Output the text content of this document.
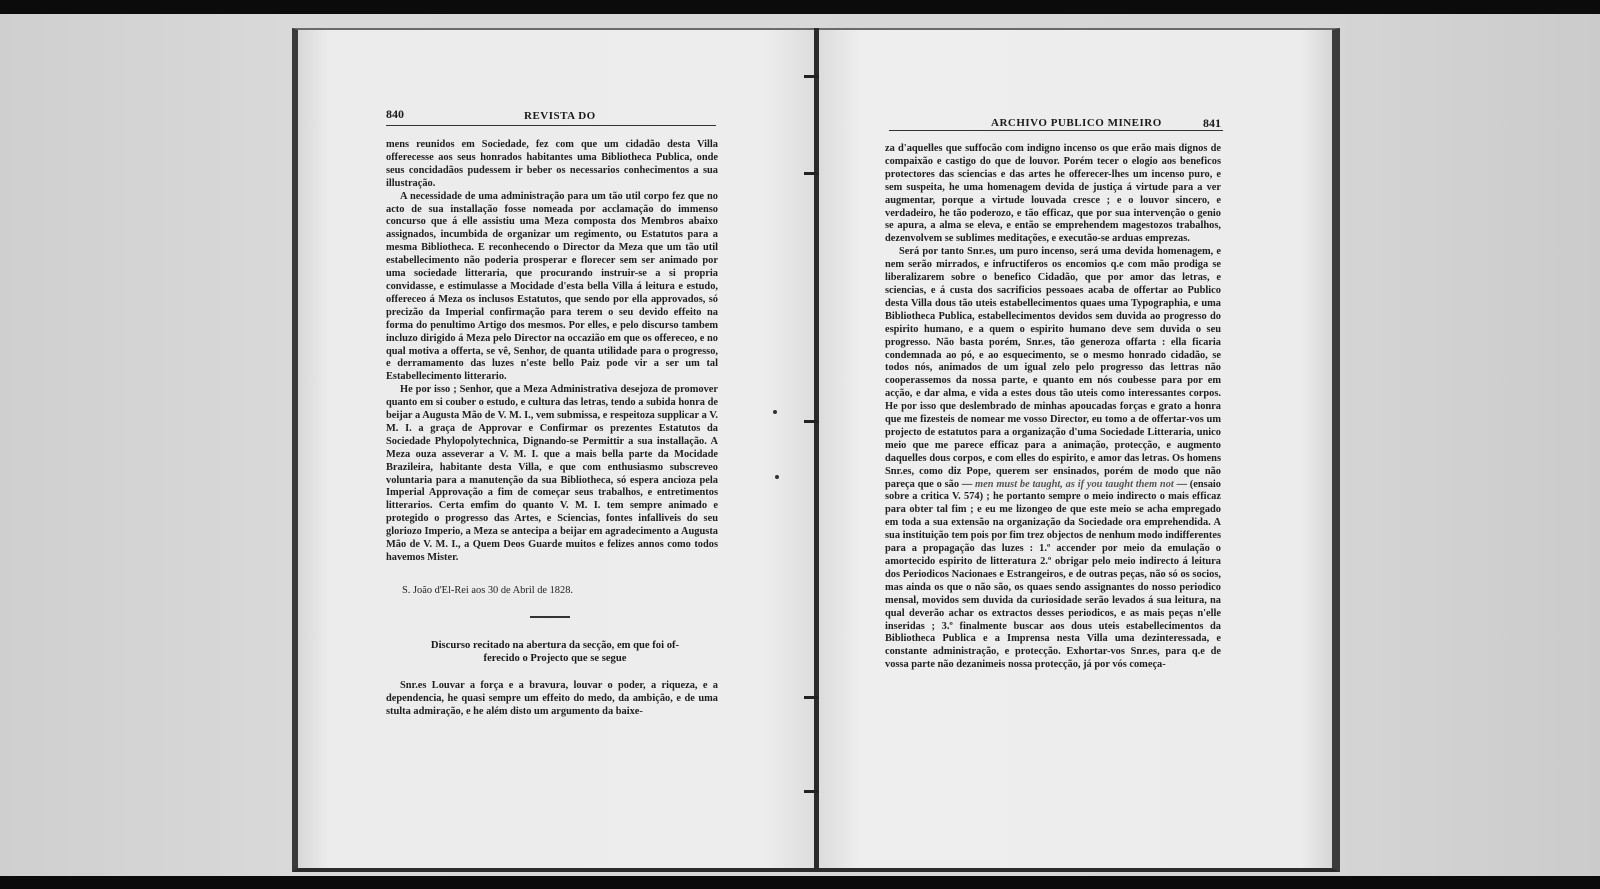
840	REVISTA DO

mens reunidos em Sociedade, fez com que um cidadão desta Villa offerecesse aos seus honrados habitantes uma Bibliotheca Publica, onde seus concidadãos pudessem ir beber os necessarios conhecimentos a sua illustração.

A necessidade de uma administração para um tão util corpo fez que no acto de sua installação fosse nomeada por acclamação do immenso concurso que á elle assistiu uma Meza composta dos Membros abaixo assignados, incumbida de organizar um regimento, ou Estatutos para a mesma Bibliotheca. E reconhecendo o Director da Meza que um tão util estabellecimento não poderia prosperar e florecer sem ser animado por uma sociedade litteraria, que procurando instruir-se a si propria convidasse, e estimulasse a Mocidade d'esta bella Villa á leitura e estudo, offereceo á Meza os inclusos Estatutos, que sendo por ella approvados, só precizão da Imperial confirmação para terem o seu devido effeito na forma do penultimo Artigo dos mesmos. Por elles, e pelo discurso tambem incluzo dirigido á Meza pelo Director na occazião em que os offereceo, e no qual motiva a offerta, se vê, Senhor, de quanta utilidade para o progresso, e derramamento das luzes n'este bello Paiz pode vir a ser um tal Estabellecimento litterario.

He por isso ; Senhor, que a Meza Administrativa desejoza de promover quanto em si couber o estudo, e cultura das letras, tendo a subida honra de beijar a Augusta Mão de V. M. I., vem submissa, e respeitoza supplicar a V. M. I. a graça de Approvar e Confirmar os prezentes Estatutos da Sociedade Phylopolytechnica, Dignando-se Permittir a sua installação. A Meza ouza asseverar a V. M. I. que a mais bella parte da Mocidade Brazileira, habitante desta Villa, e que com enthusiasmo subscreveo voluntaria para a manutenção da sua Bibliotheca, só espera ancioza pela Imperial Approvação a fim de começar seus trabalhos, e entretimentos litterarios. Certa emfim do quanto V. M. I. tem sempre animado e protegido o progresso das Artes, e Sciencias, fontes infalliveis do seu gloriozo Imperio, a Meza se antecipa a beijar em agradecimento a Augusta Mão de V. M. I., a Quem Deos Guarde muitos e felizes annos como todos havemos Mister.

S. João d'El-Rei aos 30 de Abril de 1828.
Discurso recitado na abertura da secção, em que foi of-
ferecido o Projecto que se segue

Snr.es Louvar a força e a bravura, louvar o poder, a riqueza, e a dependencia, he quasi sempre um effeito do medo, da ambição, e de uma stulta admiração, e he além disto um argumento da baixe-

ARCHIVO PUBLICO MINEIRO	841

za d'aquelles que suffocão com indigno incenso os que erão mais dignos de compaixão e castigo do que de louvor. Porém tecer o elogio aos beneficos protectores das sciencias e das artes he offerecer-lhes um incenso puro, e sem suspeita, he uma homenagem devida de justiça á virtude para a ver augmentar, porque a virtude louvada cresce ; e o louvor sincero, e verdadeiro, he tão poderozo, e tão efficaz, que por sua intervenção o genio se apura, a alma se eleva, e então se emprehendem magestozos trabalhos, dezenvolvem se sublimes meditações, e executão-se arduas emprezas.

Será por tanto Snr.es, um puro incenso, será uma devida homenagem, e nem serão mirrados, e infructiferos os encomios q.e com mão prodiga se liberalizarem sobre o benefico Cidadão, que por amor das letras, e sciencias, e á custa dos sacrificios pessoaes acaba de offertar ao Publico desta Villa dous tão uteis estabellecimentos quaes uma Typographia, e uma Bibliotheca Publica, estabellecimentos devidos sem duvida ao progresso do espirito humano, e a quem o espirito humano deve sem duvida o seu progresso. Não basta porém, Snr.es, tão generoza offarta : ella ficaria condemnada ao pó, e ao esquecimento, se o mesmo honrado cidadão, se todos nós, animados de um igual zelo pelo progresso das lettras não cooperassemos da nossa parte, e quanto em nós coubesse para por em acção, e dar alma, e vida a estes dous tão uteis como interessantes corpos. He por isso que deslembrado de minhas apoucadas forças e grato a honra que me fizesteis de nomear me vosso Director, eu tomo a de offertar-vos um projecto de estatutos para a organização d'uma Sociedade Litteraria, unico meio que me parece efficaz para a animação, protecção, e augmento daquelles dous corpos, e com elles do espirito, e amor das letras. Os homens Snr.es, como diz Pope, querem ser ensinados, porém de modo que não pareça que o são — men must be taught, as if you taught them not — (ensaio sobre a critica V. 574) ; he portanto sempre o meio indirecto o mais efficaz para obter tal fim ; e eu me lizongeo de que este meio se acha empregado em toda a sua extensão na organização da Sociedade ora emprehendida. A sua instituição tem pois por fim trez objectos de nenhum modo indifferentes para a propagação das luzes : 1.º accender por meio da emulação o amortecido espirito de litteratura 2.º obrigar pelo meio indirecto á leitura dos Periodicos Nacionaes e Estrangeiros, e de outras peças, não só os socios, mas ainda os que o não são, os quaes sendo assignantes do nosso periodico mensal, movidos sem duvida da curiosidade serão levados á sua leitura, na qual deverão achar os extractos desses periodicos, e as mais peças n'elle inseridas ; 3.º finalmente buscar aos dous uteis estabellecimentos da Bibliotheca Publica e a Imprensa nesta Villa uma dezinteressada, e constante administração, e protecção. Exhortar-vos Snr.es, para q.e de vossa parte não dezanimeis nossa protecção, já por vós começa-
